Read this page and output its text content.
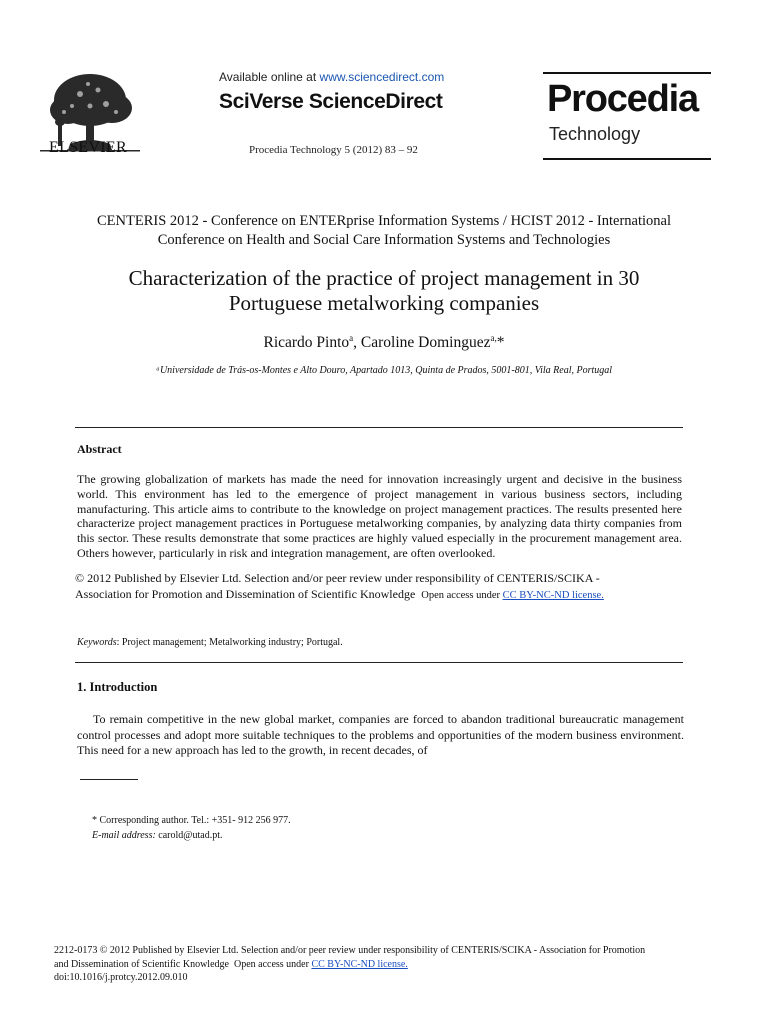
ELSEVIER
Available online at www.sciencedirect.com
SciVerse ScienceDirect
Procedia Technology 5 (2012) 83 – 92
Procedia
Technology
CENTERIS 2012 - Conference on ENTERprise Information Systems / HCIST 2012 - International
Conference on Health and Social Care Information Systems and Technologies
Characterization of the practice of project management in 30
Portuguese metalworking companies
Ricardo Pinto$^a$, Caroline Dominguez$^{a,}$*
ᵃUniversidade de Trás-os-Montes e Alto Douro, Apartado 1013, Quinta de Prados, 5001-801, Vila Real, Portugal
Abstract
The growing globalization of markets has made the need for innovation increasingly urgent and decisive in the business world. This environment has led to the emergence of project management in various business sectors, including manufacturing. This article aims to contribute to the knowledge on project management practices. The results presented here characterize project management practices in Portuguese metalworking companies, by analyzing data thirty companies from this sector. These results demonstrate that some practices are highly valued especially in the procurement management area. Others however, particularly in risk and integration management, are often overlooked.
© 2012 Published by Elsevier Ltd. Selection and/or peer review under responsibility of CENTERIS/SCIKA -
Association for Promotion and Dissemination of Scientific Knowledge Open access under CC BY-NC-ND license.
Keywords: Project management; Metalworking industry; Portugal.
1. Introduction
To remain competitive in the new global market, companies are forced to abandon traditional bureaucratic management control processes and adopt more suitable techniques to the problems and opportunities of the modern business environment. This need for a new approach has led to the growth, in recent decades, of
* Corresponding author. Tel.: +351- 912 256 977.
E-mail address: carold@utad.pt.
2212-0173 © 2012 Published by Elsevier Ltd. Selection and/or peer review under responsibility of CENTERIS/SCIKA - Association for Promotion
and Dissemination of Scientific Knowledge Open access under CC BY-NC-ND license.
doi:10.1016/j.protcy.2012.09.010
